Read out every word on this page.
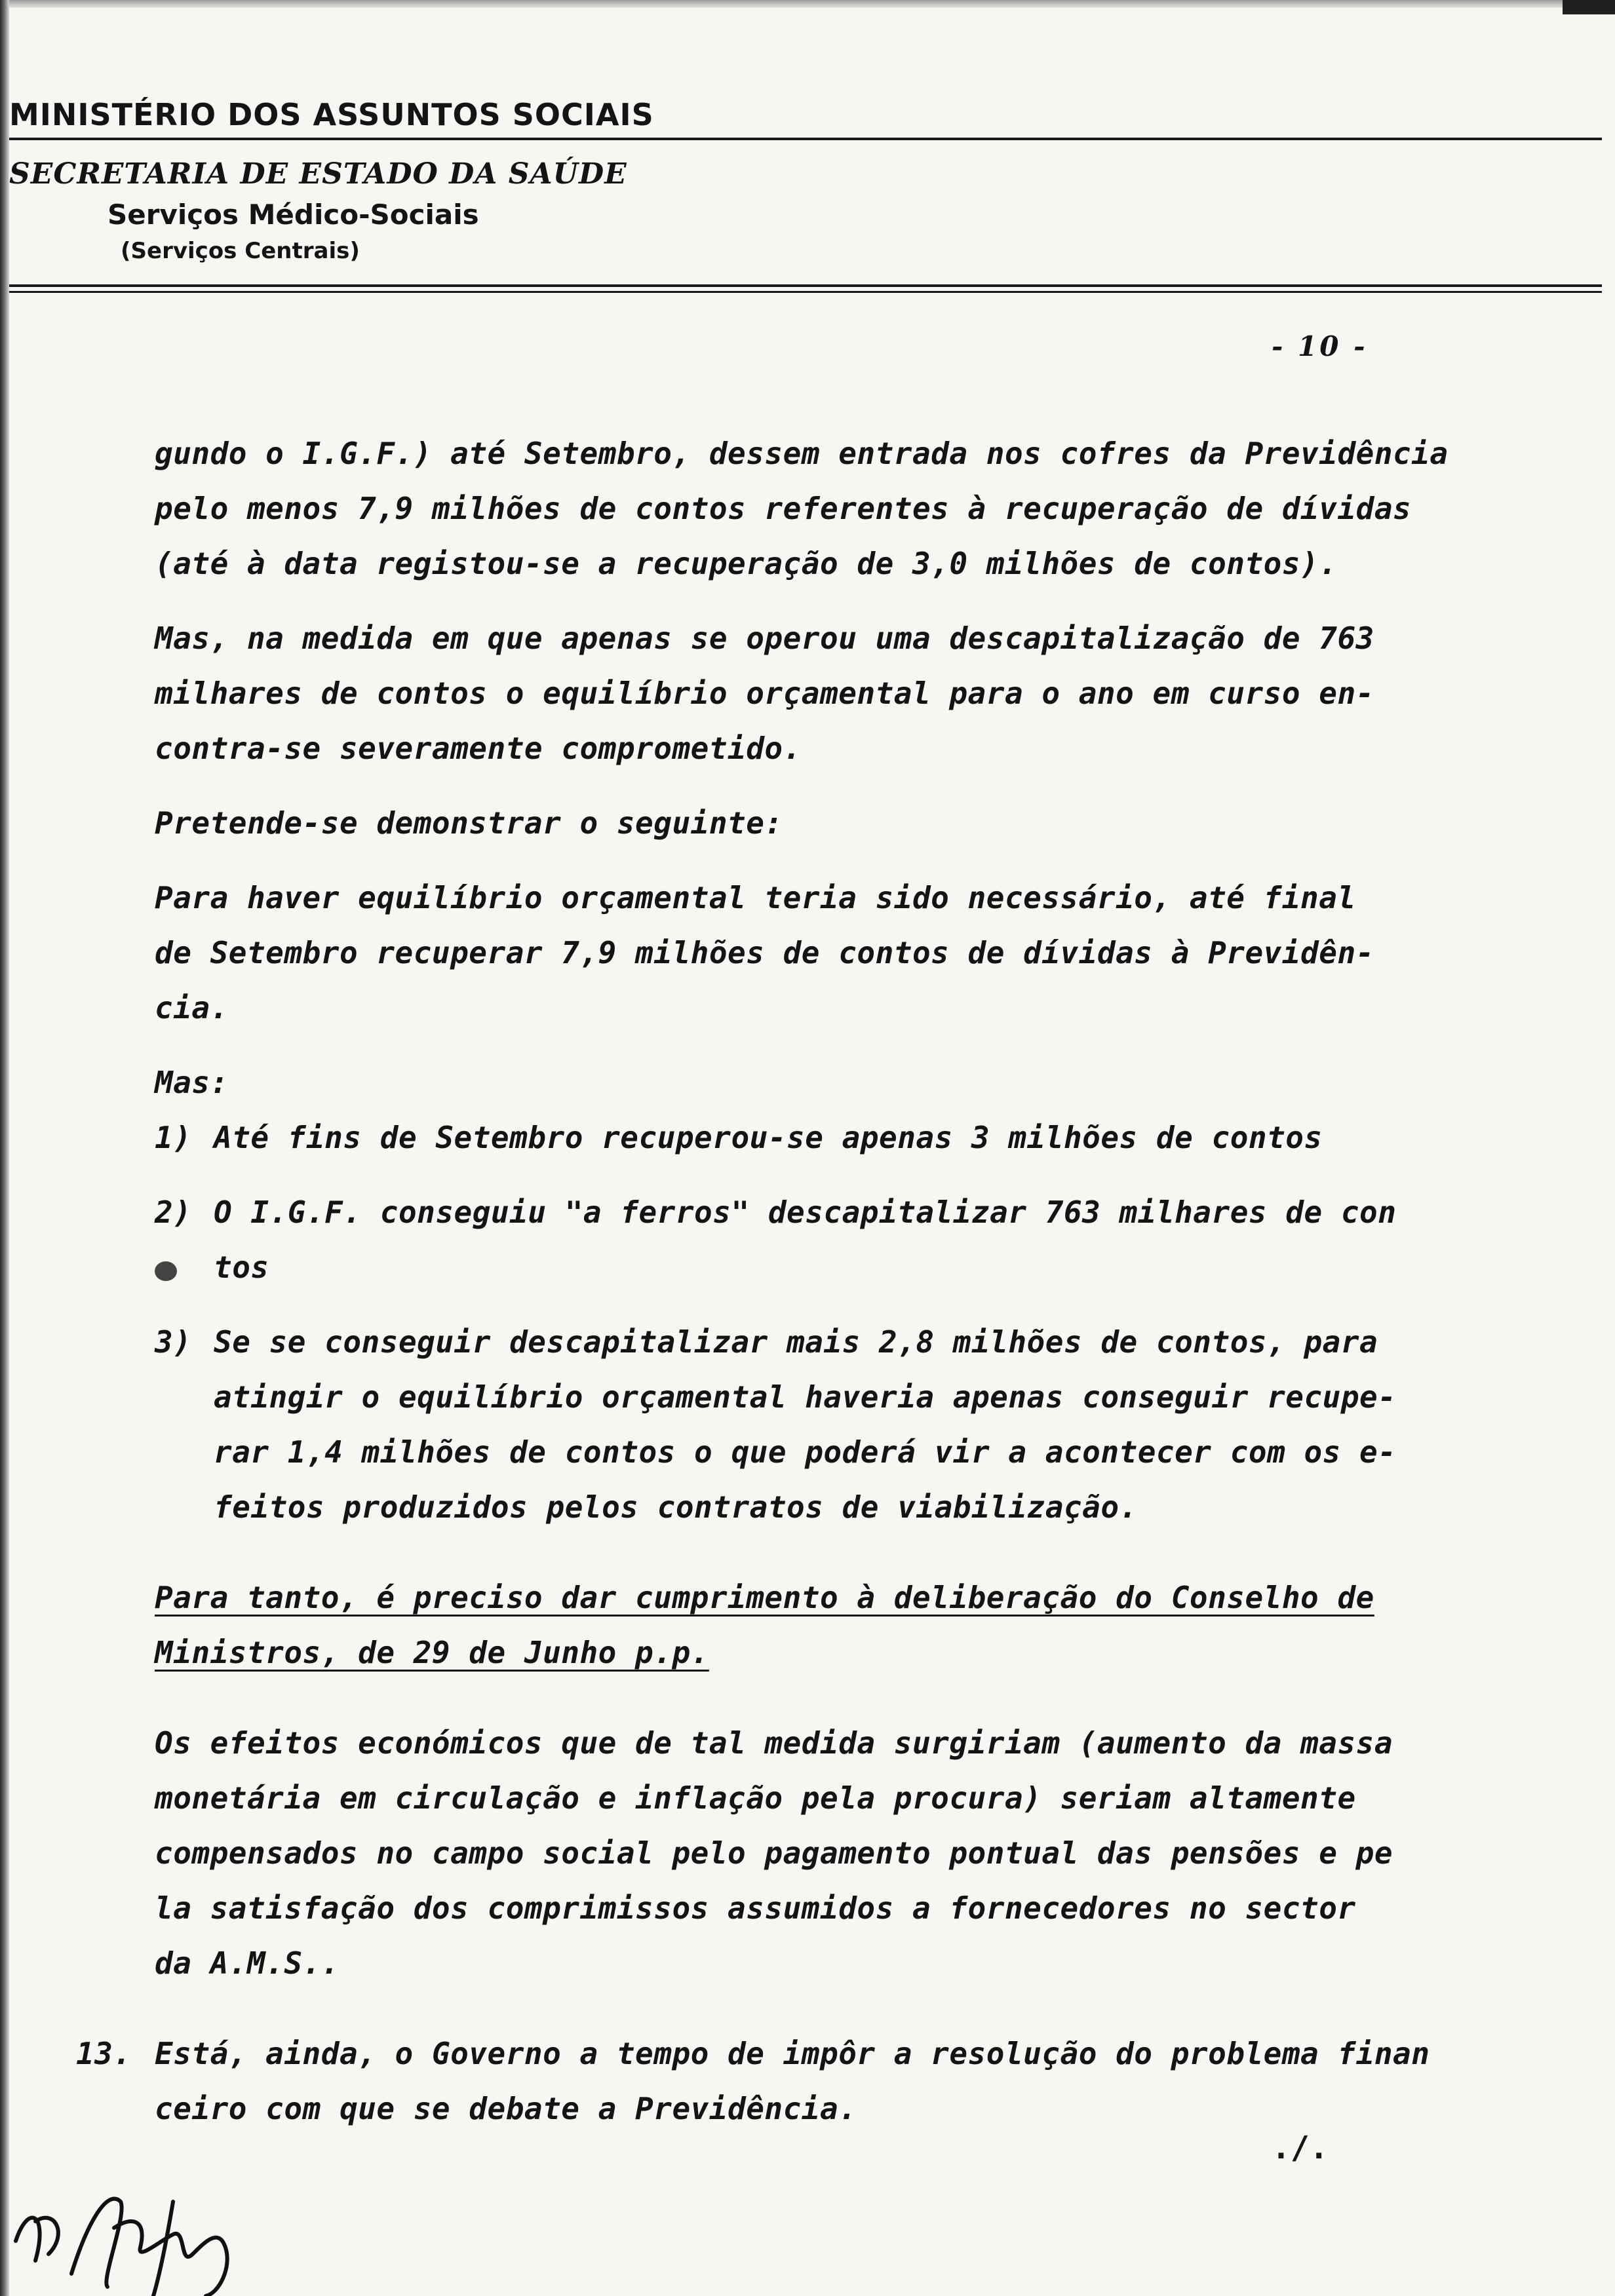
MINISTÉRIO DOS ASSUNTOS SOCIAIS

SECRETARIA DE ESTADO DA SAÚDE

Serviços Médico-Sociais

(Serviços Centrais)

- 10 -

gundo o I.G.F.) até Setembro, dessem entrada nos cofres da Previdência

pelo menos 7,9 milhões de contos referentes à recuperação de dívidas

(até à data registou-se a recuperação de 3,0 milhões de contos).

Mas, na medida em que apenas se operou uma descapitalização de 763

milhares de contos o equilíbrio orçamental para o ano em curso en-

contra-se severamente comprometido.

Pretende-se demonstrar o seguinte:

Para haver equilíbrio orçamental teria sido necessário, até final

de Setembro recuperar 7,9 milhões de contos de dívidas à Previdên-

cia.

Mas:

1) Até fins de Setembro recuperou-se apenas 3 milhões de contos

2) O I.G.F. conseguiu "a ferros" descapitalizar 763 milhares de con

tos

3) Se se conseguir descapitalizar mais 2,8 milhões de contos, para

atingir o equilíbrio orçamental haveria apenas conseguir recupe-

rar 1,4 milhões de contos o que poderá vir a acontecer com os e-

feitos produzidos pelos contratos de viabilização.

Para tanto, é preciso dar cumprimento à deliberação do Conselho de

Ministros, de 29 de Junho p.p.

Os efeitos económicos que de tal medida surgiriam (aumento da massa

monetária em circulação e inflação pela procura) seriam altamente

compensados no campo social pelo pagamento pontual das pensões e pe

la satisfação dos comprimissos assumidos a fornecedores no sector

da A.M.S..

13. Está, ainda, o Governo a tempo de impôr a resolução do problema finan

ceiro com que se debate a Previdência.

./.
